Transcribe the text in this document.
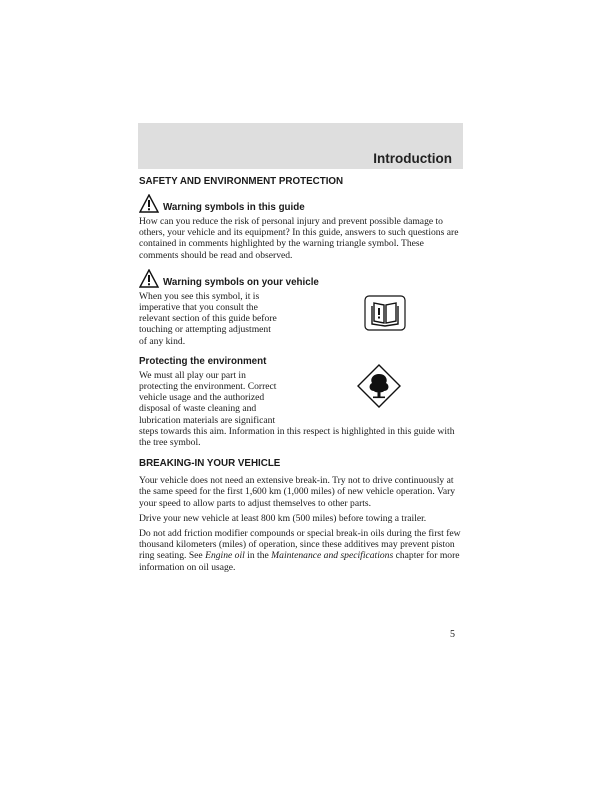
Introduction
SAFETY AND ENVIRONMENT PROTECTION
Warning symbols in this guide

How can you reduce the risk of personal injury and prevent possible damage to others, your vehicle and its equipment? In this guide, answers to such questions are contained in comments highlighted by the warning triangle symbol. These comments should be read and observed.

Warning symbols on your vehicle

When you see this symbol, it is

imperative that you consult the

relevant section of this guide before

touching or attempting adjustment

of any kind.

Protecting the environment

We must all play our part in

protecting the environment. Correct

vehicle usage and the authorized

disposal of waste cleaning and

lubrication materials are significant

steps towards this aim. Information in this respect is highlighted in this guide with the tree symbol.

BREAKING-IN YOUR VEHICLE

Your vehicle does not need an extensive break-in. Try not to drive continuously at the same speed for the first 1,600 km (1,000 miles) of new vehicle operation. Vary your speed to allow parts to adjust themselves to other parts.

Drive your new vehicle at least 800 km (500 miles) before towing a trailer.

Do not add friction modifier compounds or special break-in oils during the first few thousand kilometers (miles) of operation, since these additives may prevent piston ring seating. See Engine oil in the Maintenance and specifications chapter for more information on oil usage.

5
